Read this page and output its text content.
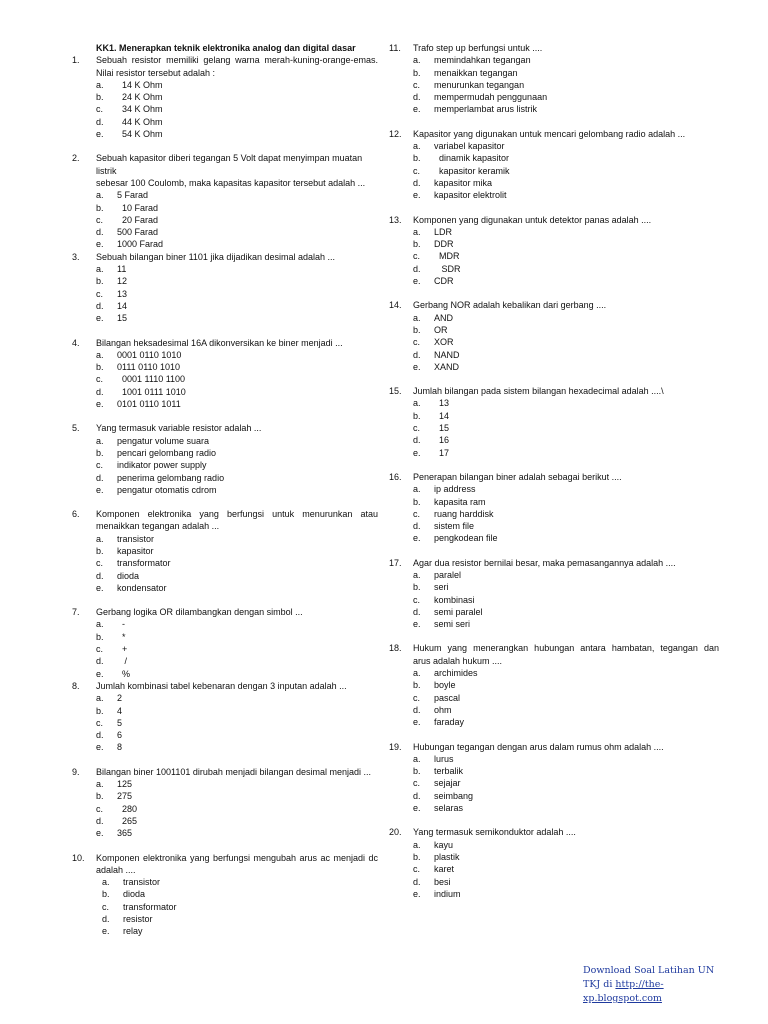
KK1. Menerapkan teknik elektronika analog dan digital dasar
1.	Sebuah resistor memiliki gelang warna merah-kuning-orange-emas.
Nilai resistor tersebut adalah :
a.	14 K Ohm
b.	24 K Ohm
c.	34 K Ohm
d.	44 K Ohm
e.	54 K Ohm
2.	Sebuah kapasitor diberi tegangan 5 Volt dapat menyimpan muatan listrik
sebesar 100 Coulomb, maka kapasitas kapasitor tersebut adalah ...
a.	5 Farad
b.	10 Farad
c.	20 Farad
d.	500 Farad
e.	1000 Farad
3.	Sebuah bilangan biner 1101 jika dijadikan desimal adalah ...
a.	11
b.	12
c.	13
d.	14
e.	15
4.	Bilangan heksadesimal 16A dikonversikan ke biner menjadi ...
a.	0001 0110 1010
b.	0111 0110 1010
c.	0001 1110 1100
d.	1001 0111 1010
e.	0101 0110 1011
5.	Yang termasuk variable resistor adalah ...
a.	pengatur volume suara
b.	pencari gelombang radio
c.	indikator power supply
d.	penerima gelombang radio
e.	pengatur otomatis cdrom
6.	Komponen elektronika yang berfungsi untuk menurunkan atau
menaikkan tegangan adalah ...
a.	transistor
b.	kapasitor
c.	transformator
d.	dioda
e.	kondensator
7.	Gerbang logika OR dilambangkan dengan simbol ...
a.	-
b.	*
c.	+
d.	/
e.	%
8.	Jumlah kombinasi tabel kebenaran dengan 3 inputan adalah ...
a.	2
b.	4
c.	5
d.	6
e.	8
9.	Bilangan biner 1001101 dirubah menjadi bilangan desimal menjadi ...
a.	125
b.	275
c.	280
d.	265
e.	365
10.	Komponen elektronika yang berfungsi mengubah arus ac menjadi dc
adalah ....
a.	transistor
b.	dioda
c.	transformator
d.	resistor
e.	relay
11.	Trafo step up berfungsi untuk ....
a.	memindahkan tegangan
b.	menaikkan tegangan
c.	menurunkan tegangan
d.	mempermudah penggunaan
e.	memperlambat arus listrik
12.	Kapasitor yang digunakan untuk mencari gelombang radio adalah ...
a.	variabel kapasitor
b.	dinamik kapasitor
c.	kapasitor keramik
d.	kapasitor mika
e.	kapasitor elektrolit
13.	Komponen yang digunakan untuk detektor panas adalah ....
a.	LDR
b.	DDR
c.	MDR
d.	SDR
e.	CDR
14.	Gerbang NOR adalah kebalikan dari gerbang ....
a.	AND
b.	OR
c.	XOR
d.	NAND
e.	XAND
15.	Jumlah bilangan pada sistem bilangan hexadecimal adalah ....\
a.	13
b.	14
c.	15
d.	16
e.	17
16.	Penerapan bilangan biner adalah sebagai berikut ....
a.	ip address
b.	kapasita ram
c.	ruang harddisk
d.	sistem file
e.	pengkodean file
17.	Agar dua resistor bernilai besar, maka pemasangannya adalah ....
a.	paralel
b.	seri
c.	kombinasi
d.	semi paralel
e.	semi seri
18.	Hukum yang menerangkan hubungan antara hambatan, tegangan dan
arus adalah hukum ....
a.	archimides
b.	boyle
c.	pascal
d.	ohm
e.	faraday
19.	Hubungan tegangan dengan arus dalam rumus ohm adalah ....
a.	lurus
b.	terbalik
c.	sejajar
d.	seimbang
e.	selaras
20.	Yang termasuk semikonduktor adalah ....
a.	kayu
b.	plastik
c.	karet
d.	besi
e.	indium
Download Soal Latihan UN
TKJ di http://the-
xp.blogspot.com
